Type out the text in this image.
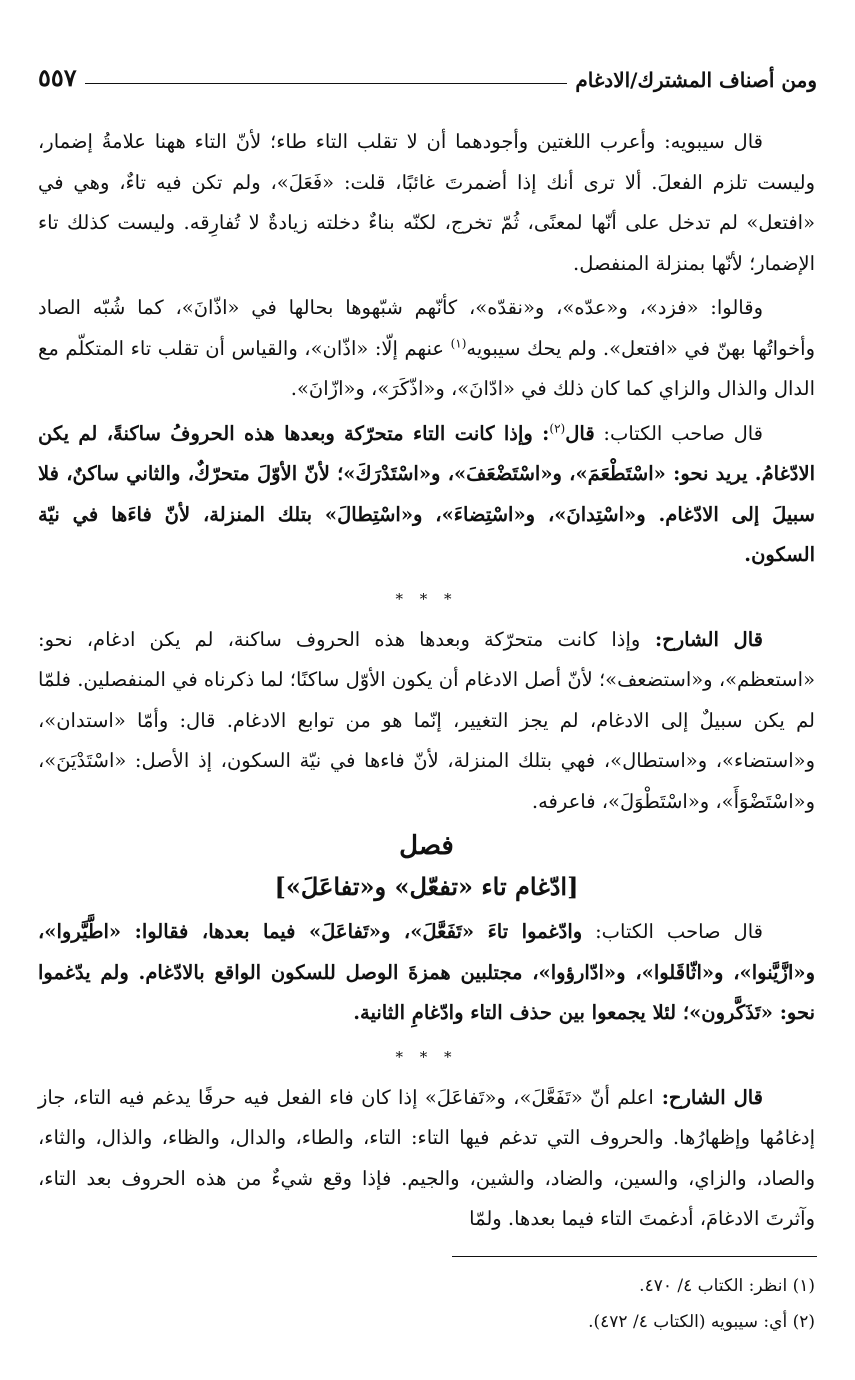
ومن أصناف المشترك/الادغام
٥٥٧

قال سيبويه: وأعرب اللغتين وأجودهما أن لا تقلب التاء طاء؛ لأنّ التاء ههنا علامةُ إضمار، وليست تلزم الفعلَ. ألا ترى أنك إذا أضمرتَ غائبًا، قلت: «فَعَلَ»، ولم تكن فيه تاءٌ، وهي في «افتعل» لم تدخل على أنّها لمعنًى، ثُمّ تخرج، لكنّه بناءٌ دخلته زيادةٌ لا تُفارِقه. وليست كذلك تاء الإضمار؛ لأنّها بمنزلة المنفصل.

وقالوا: «فزد»، و«عدّه»، و«نقدّه»، كأنّهم شبّهوها بحالها في «اذّانَ»، كما شُبّه الصاد وأخواتُها بهنّ في «افتعل». ولم يحك سيبويه$^{(١)}$ عنهم إلّا: «اذّان»، والقياس أن تقلب تاء المتكلّم مع الدال والذال والزاي كما كان ذلك في «ادّانَ»، و«اذّكَرَ»، و«ازّانَ».

قال صاحب الكتاب: قال$^{(٢)}$: وإذا كانت التاء متحرّكة وبعدها هذه الحروفُ ساكنةً، لم يكن الادّغامُ. يريد نحو: «اسْتَطْعَمَ»، و«اسْتَضْعَفَ»، و«اسْتَدْرَكَ»؛ لأنّ الأوّلَ متحرّكٌ، والثاني ساكنٌ، فلا سبيلَ إلى الادّغام. و«اسْتِدانَ»، و«اسْتِضاءَ»، و«اسْتِطالَ» بتلك المنزلة، لأنّ فاءَها في نيّة السكون.

* * *

قال الشارح: وإذا كانت متحرّكة وبعدها هذه الحروف ساكنة، لم يكن ادغام، نحو: «استعظم»، و«استضعف»؛ لأنّ أصل الادغام أن يكون الأوّل ساكنًا؛ لما ذكرناه في المنفصلين. فلمّا لم يكن سبيلٌ إلى الادغام، لم يجز التغيير، إنّما هو من توابع الادغام. قال: وأمّا «استدان»، و«استضاء»، و«استطال»، فهي بتلك المنزلة، لأنّ فاءها في نيّة السكون، إذ الأصل: «اسْتَدْيَنَ»، و«اسْتَضْوَأَ»، و«اسْتَطْوَلَ»، فاعرفه.

فصل
[ادّغام تاء «تفعّل» و«تفاعَلَ»]

قال صاحب الكتاب: وادّغموا تاءَ «تَفَعَّلَ»، و«تَفاعَلَ» فيما بعدها، فقالوا: «اطَّيَّروا»، و«ازَّيَّنوا»، و«اثّاقَلوا»، و«ادّارؤوا»، مجتلبين همزةَ الوصل للسكون الواقع بالادّغام. ولم يدّغموا نحو: «تَذَكَّرون»؛ لئلا يجمعوا بين حذف التاء وادّغامِ الثانية.

* * *

قال الشارح: اعلم أنّ «تَفَعَّلَ»، و«تَفاعَلَ» إذا كان فاء الفعل فيه حرفًا يدغم فيه التاء، جاز إدغامُها وإظهارُها. والحروف التي تدغم فيها التاء: التاء، والطاء، والدال، والظاء، والذال، والثاء، والصاد، والزاي، والسين، والضاد، والشين، والجيم. فإذا وقع شيءٌ من هذه الحروف بعد التاء، وآثرتَ الادغامَ، أدغمتَ التاء فيما بعدها. ولمّا

(١) انظر: الكتاب ٤/ ٤٧٠.
(٢) أي: سيبويه (الكتاب ٤/ ٤٧٢).
